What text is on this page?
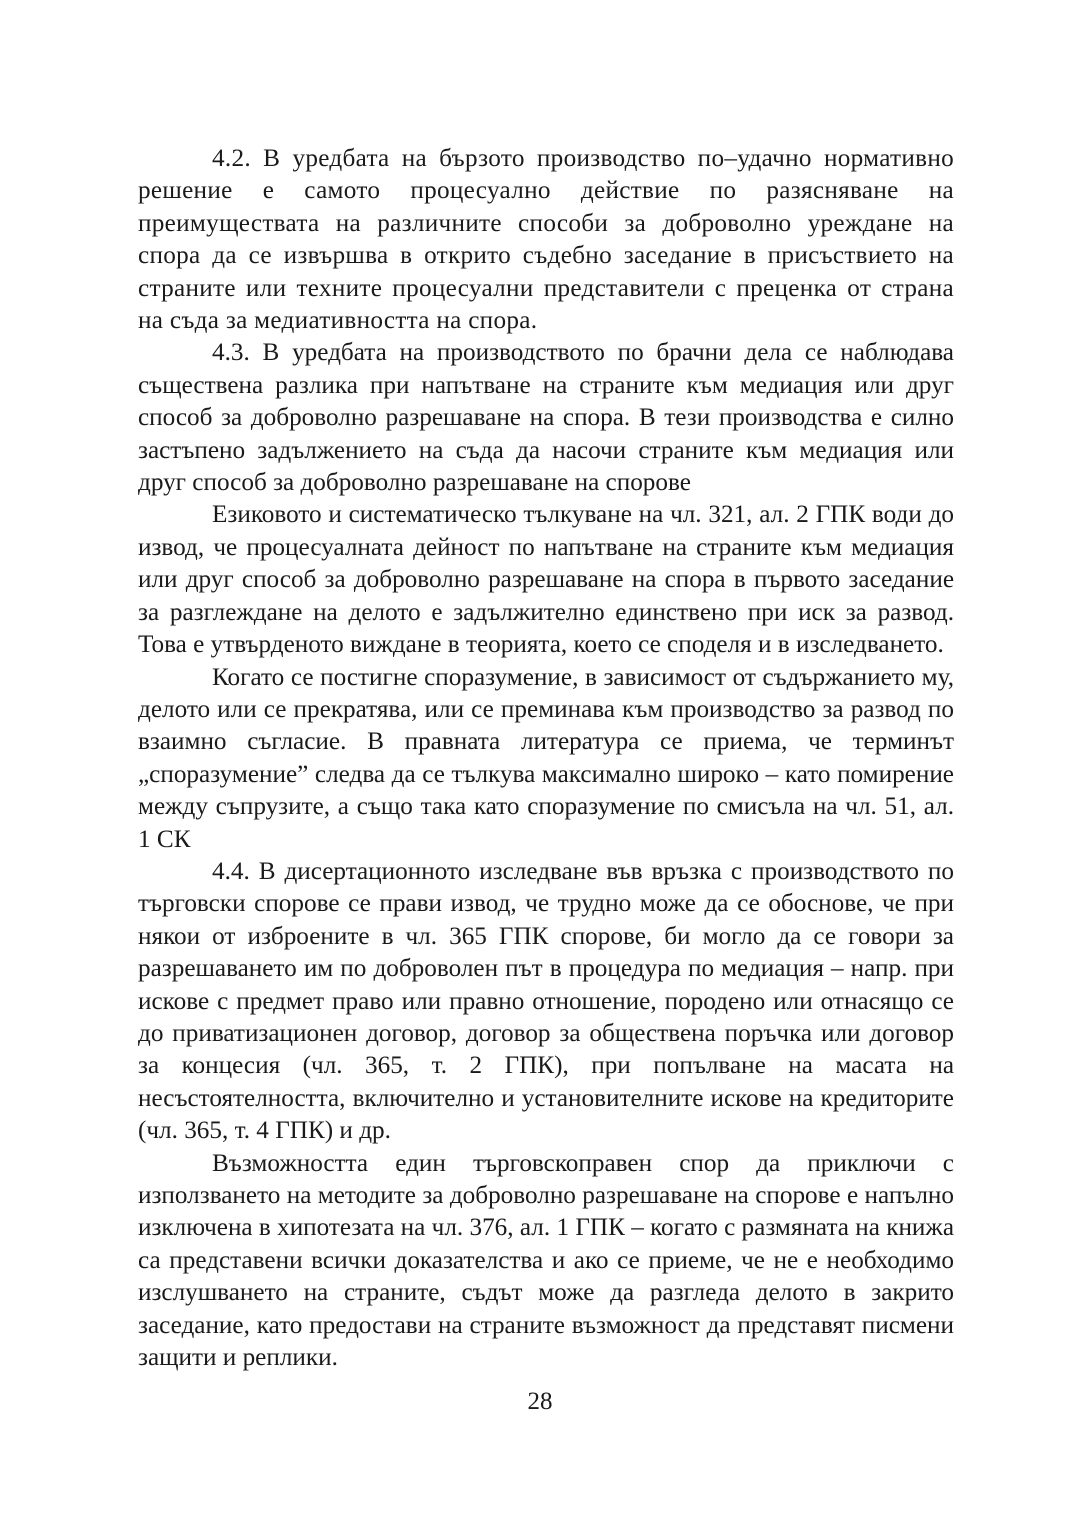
4.2. В уредбата на бързото производство по–удачно нормативно решение е самото процесуално действие по разясняване на преимуществата на различните способи за доброволно уреждане на спора да се извършва в открито съдебно заседание в присъствието на страните или техните процесуални представители с преценка от страна на съда за медиативността на спора.

4.3. В уредбата на производството по брачни дела се наблюдава съществена разлика при напътване на страните към медиация или друг способ за доброволно разрешаване на спора. В тези производства е силно застъпено задължението на съда да насочи страните към медиация или друг способ за доброволно разрешаване на спорове

Езиковото и систематическо тълкуване на чл. 321, ал. 2 ГПК води до извод, че процесуалната дейност по напътване на страните към медиация или друг способ за доброволно разрешаване на спора в първото заседание за разглеждане на делото е задължително единствено при иск за развод. Това е утвърденото виждане в теорията, което се споделя и в изследването.

Когато се постигне споразумение, в зависимост от съдържанието му, делото или се прекратява, или се преминава към производство за развод по взаимно съгласие. В правната литература се приема, че терминът „споразумение” следва да се тълкува максимално широко – като помирение между съпрузите, а също така като споразумение по смисъла на чл. 51, ал. 1 СК

4.4. В дисертационното изследване във връзка с производството по търговски спорове се прави извод, че трудно може да се обоснове, че при някои от изброените в чл. 365 ГПК спорове, би могло да се говори за разрешаването им по доброволен път в процедура по медиация – напр. при искове с предмет право или правно отношение, породено или отнасящо се до приватизационен договор, договор за обществена поръчка или договор за концесия (чл. 365, т. 2 ГПК), при попълване на масата на несъстоятелността, включително и установителните искове на кредиторите (чл. 365, т. 4 ГПК) и др.

Възможността един търговскоправен спор да приключи с използването на методите за доброволно разрешаване на спорове е напълно изключена в хипотезата на чл. 376, ал. 1 ГПК – когато с размяната на книжа са представени всички доказателства и ако се приеме, че не е необходимо изслушването на страните, съдът може да разгледа делото в закрито заседание, като предостави на страните възможност да представят писмени защити и реплики.

28
